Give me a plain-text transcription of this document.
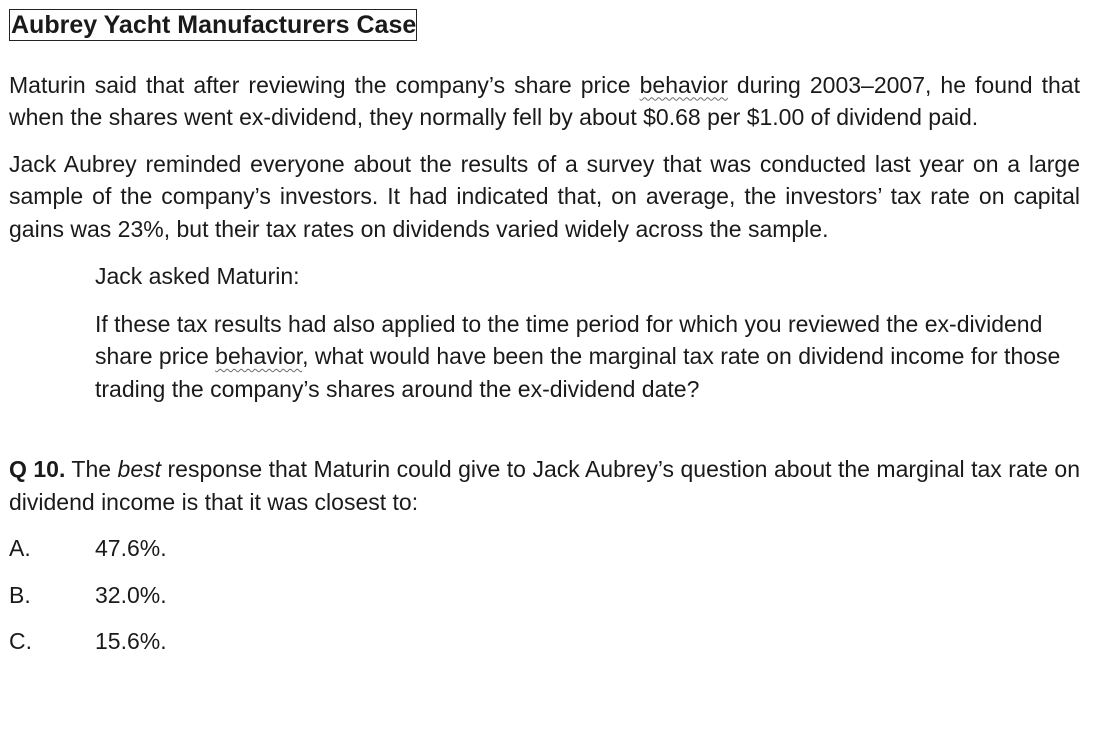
Aubrey Yacht Manufacturers Case

Maturin said that after reviewing the company’s share price behavior during 2003–2007, he found that when the shares went ex-dividend, they normally fell by about $0.68 per $1.00 of dividend paid.

Jack Aubrey reminded everyone about the results of a survey that was conducted last year on a large sample of the company’s investors. It had indicated that, on average, the investors’ tax rate on capital gains was 23%, but their tax rates on dividends varied widely across the sample.

Jack asked Maturin:

If these tax results had also applied to the time period for which you reviewed the ex-dividend share price behavior, what would have been the marginal tax rate on dividend income for those trading the company’s shares around the ex-dividend date?

Q 10. The best response that Maturin could give to Jack Aubrey’s question about the marginal tax rate on dividend income is that it was closest to:

A.	47.6%.
B.	32.0%.
C.	15.6%.
